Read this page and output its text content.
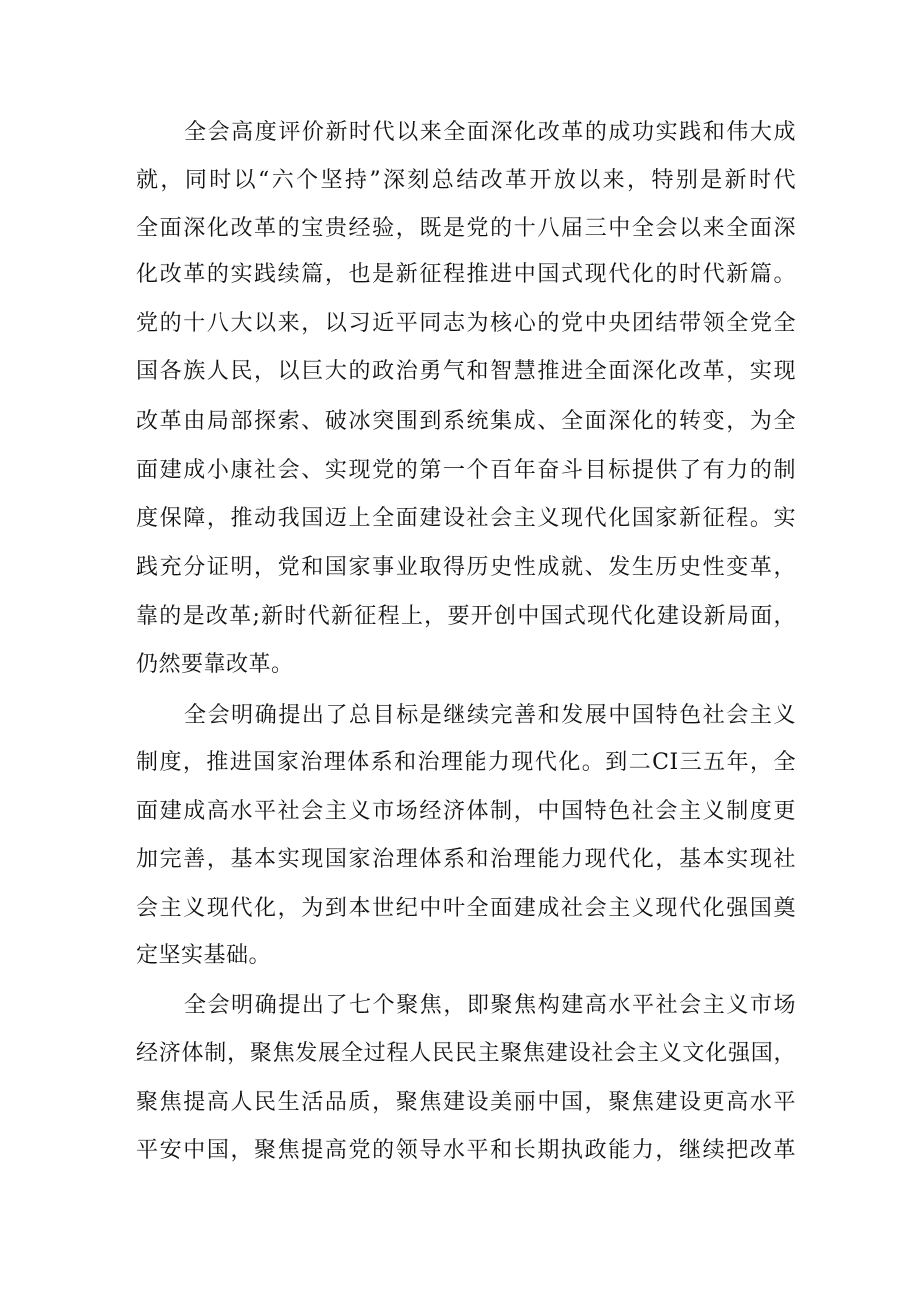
全会高度评价新时代以来全面深化改革的成功实践和伟大成
就，同时以“六个坚持”深刻总结改革开放以来，特别是新时代
全面深化改革的宝贵经验，既是党的十八届三中全会以来全面深
化改革的实践续篇，也是新征程推进中国式现代化的时代新篇。
党的十八大以来，以习近平同志为核心的党中央团结带领全党全
国各族人民，以巨大的政治勇气和智慧推进全面深化改革，实现
改革由局部探索、破冰突围到系统集成、全面深化的转变，为全
面建成小康社会、实现党的第一个百年奋斗目标提供了有力的制
度保障，推动我国迈上全面建设社会主义现代化国家新征程。实
践充分证明，党和国家事业取得历史性成就、发生历史性变革，
靠的是改革;新时代新征程上，要开创中国式现代化建设新局面，
仍然要靠改革。
全会明确提出了总目标是继续完善和发展中国特色社会主义
制度，推进国家治理体系和治理能力现代化。到二CI三五年，全
面建成高水平社会主义市场经济体制，中国特色社会主义制度更
加完善，基本实现国家治理体系和治理能力现代化，基本实现社
会主义现代化，为到本世纪中叶全面建成社会主义现代化强国奠
定坚实基础。
全会明确提出了七个聚焦，即聚焦构建高水平社会主义市场
经济体制，聚焦发展全过程人民民主聚焦建设社会主义文化强国，
聚焦提高人民生活品质，聚焦建设美丽中国，聚焦建设更高水平
平安中国，聚焦提高党的领导水平和长期执政能力，继续把改革
